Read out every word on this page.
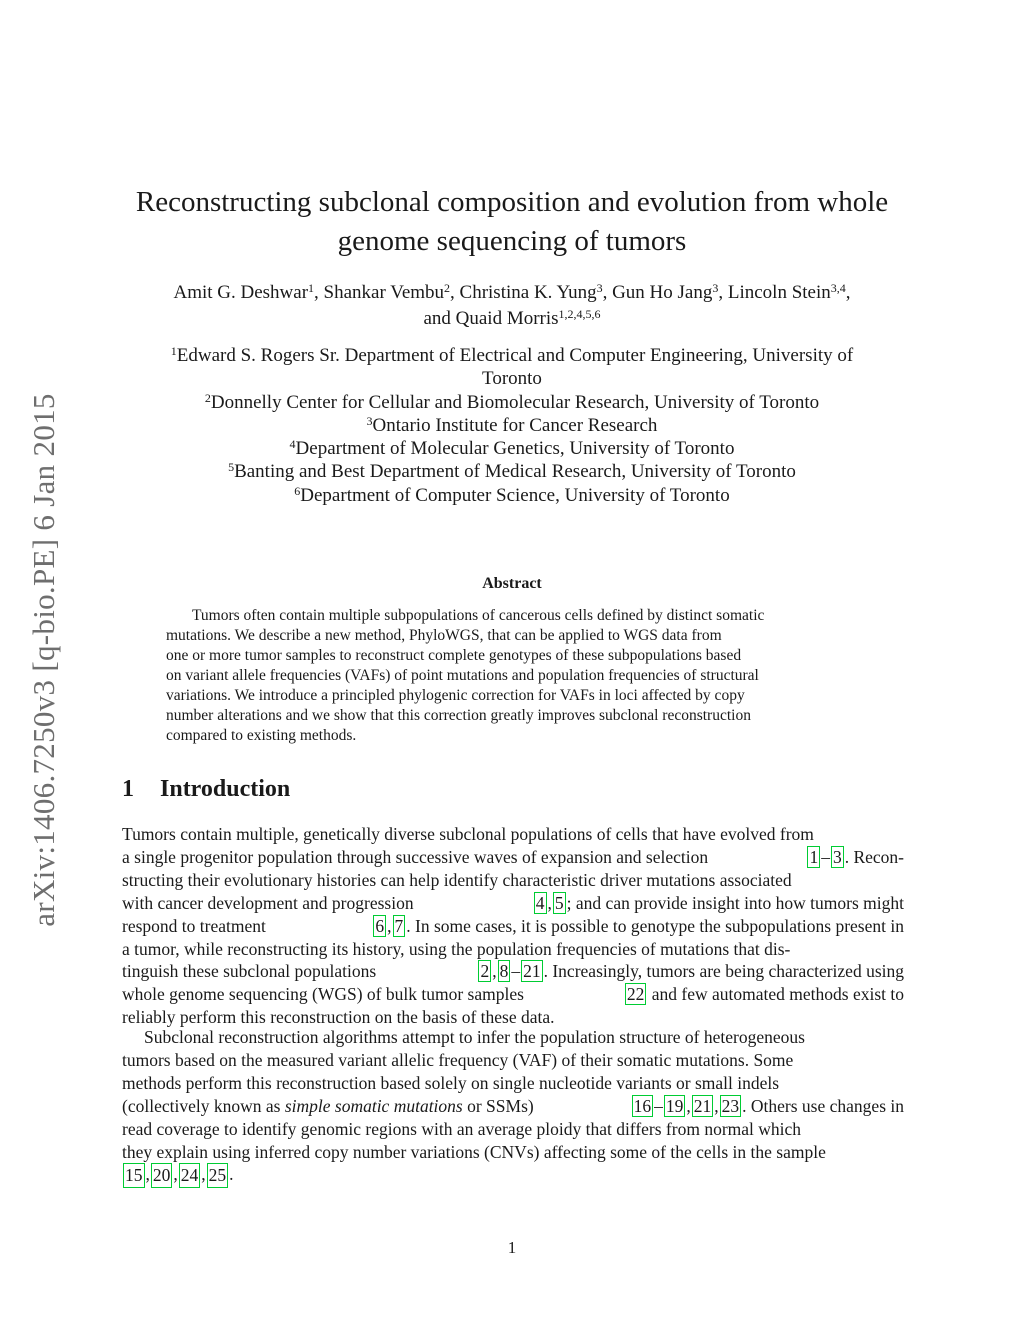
arXiv:1406.7250v3 [q-bio.PE] 6 Jan 2015
Reconstructing subclonal composition and evolution from whole
genome sequencing of tumors
Amit G. Deshwar$^1$, Shankar Vembu$^2$, Christina K. Yung$^3$, Gun Ho Jang$^3$, Lincoln Stein$^{3,4}$,
and Quaid Morris$^{1,2,4,5,6}$
$^1$Edward S. Rogers Sr. Department of Electrical and Computer Engineering, University of
Toronto
$^2$Donnelly Center for Cellular and Biomolecular Research, University of Toronto
$^3$Ontario Institute for Cancer Research
$^4$Department of Molecular Genetics, University of Toronto
$^5$Banting and Best Department of Medical Research, University of Toronto
$^6$Department of Computer Science, University of Toronto
Abstract
Tumors often contain multiple subpopulations of cancerous cells defined by distinct somatic
mutations. We describe a new method, PhyloWGS, that can be applied to WGS data from
one or more tumor samples to reconstruct complete genotypes of these subpopulations based
on variant allele frequencies (VAFs) of point mutations and population frequencies of structural
variations. We introduce a principled phylogenic correction for VAFs in loci affected by copy
number alterations and we show that this correction greatly improves subclonal reconstruction
compared to existing methods.
1 Introduction
Tumors contain multiple, genetically diverse subclonal populations of cells that have evolved from
a single progenitor population through successive waves of expansion and selection	1 – 3 . Recon-
structing their evolutionary histories can help identify characteristic driver mutations associated
with cancer development and progression	4 , 5 ; and can provide insight into how tumors might
respond to treatment	6 , 7 . In some cases, it is possible to genotype the subpopulations present in
a tumor, while reconstructing its history, using the population frequencies of mutations that dis-
tinguish these subclonal populations	2 , 8 – 21 . Increasingly, tumors are being characterized using
whole genome sequencing (WGS) of bulk tumor samples	22 and few automated methods exist to
reliably perform this reconstruction on the basis of these data.
Subclonal reconstruction algorithms attempt to infer the population structure of heterogeneous
tumors based on the measured variant allelic frequency (VAF) of their somatic mutations. Some
methods perform this reconstruction based solely on single nucleotide variants or small indels
(collectively known as simple somatic mutations or SSMs)	16 – 19 , 21 , 23 . Others use changes in
read coverage to identify genomic regions with an average ploidy that differs from normal which
they explain using inferred copy number variations (CNVs) affecting some of the cells in the sample
15 , 20 , 24 , 25 .
1
